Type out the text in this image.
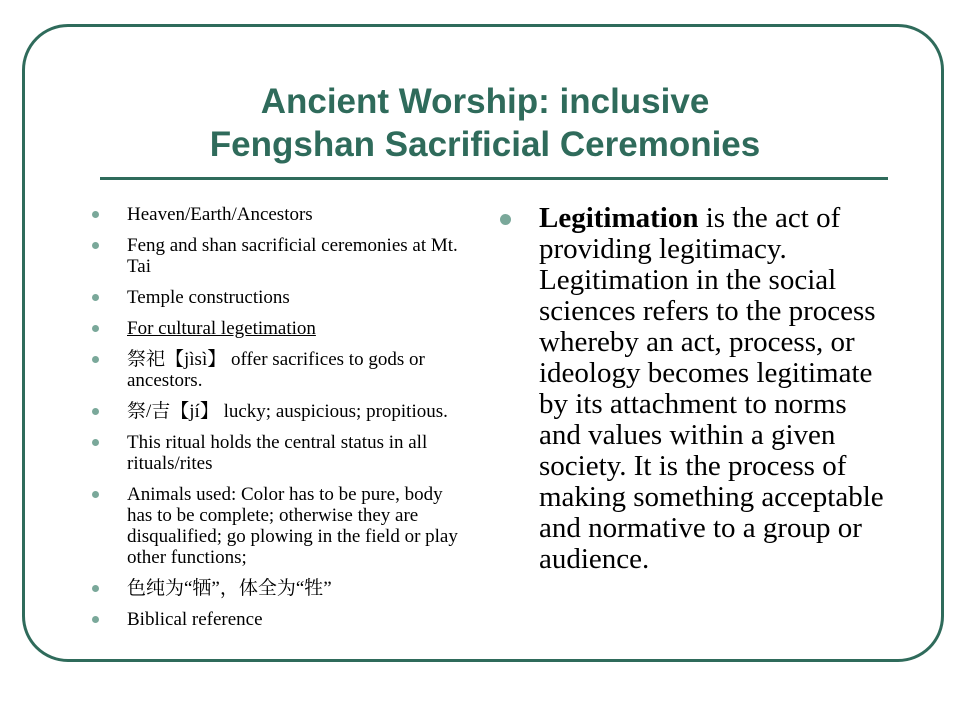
Ancient Worship: inclusive
Fengshan Sacrificial Ceremonies
Heaven/Earth/Ancestors
Feng and shan sacrificial ceremonies at Mt. Tai
Temple constructions
For cultural legetimation
祭祀【jìsì】 offer sacrifices to gods or ancestors.
祭/吉【jí】 lucky; auspicious; propitious.
This ritual holds the central status in all rituals/rites
Animals used: Color has to be pure, body has to be complete; otherwise they are disqualified; go plowing in the field or play other functions;
色纯为“牺”，体全为“牲”
Biblical reference

Legitimation is the act of providing legitimacy. Legitimation in the social sciences refers to the process whereby an act, process, or ideology becomes legitimate by its attachment to norms and values within a given society. It is the process of making something acceptable and normative to a group or audience.
